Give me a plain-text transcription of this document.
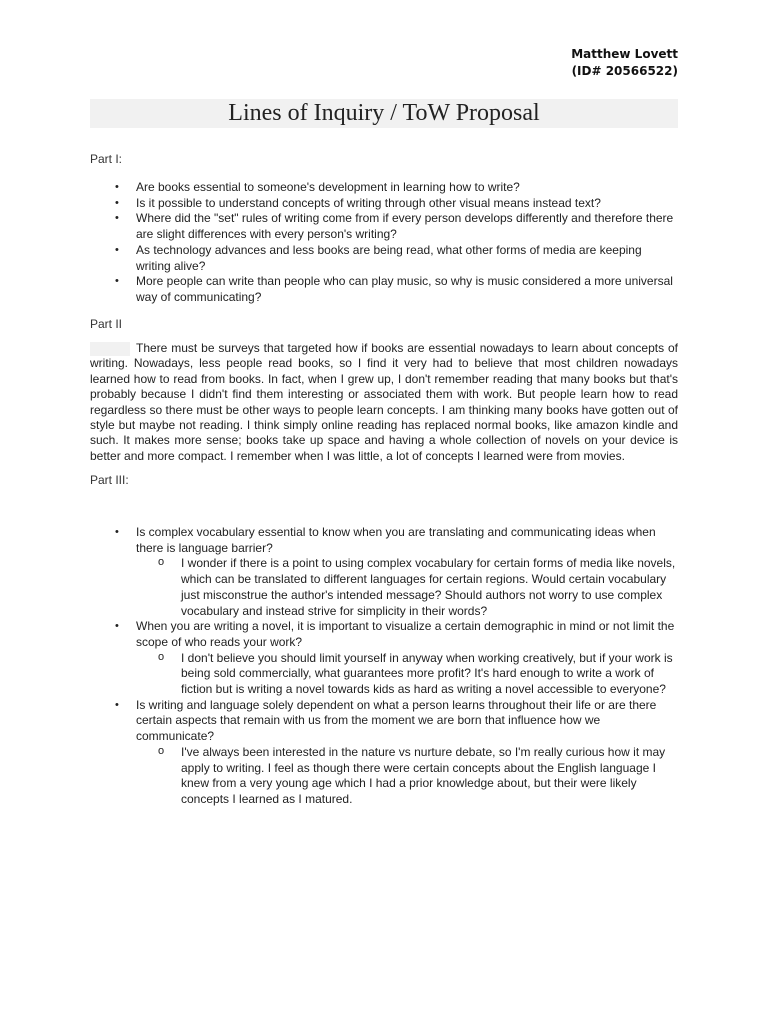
Matthew Lovett
(ID# 20566522)
Lines of Inquiry / ToW Proposal
Part I:
• Are books essential to someone's development in learning how to write?
• Is it possible to understand concepts of writing through other visual means instead text?
• Where did the "set" rules of writing come from if every person develops differently and therefore there are slight differences with every person's writing?
• As technology advances and less books are being read, what other forms of media are keeping writing alive?
• More people can write than people who can play music, so why is music considered a more universal way of communicating?
Part II

There must be surveys that targeted how if books are essential nowadays to learn about concepts of writing. Nowadays, less people read books, so I find it very had to believe that most children nowadays learned how to read from books. In fact, when I grew up, I don't remember reading that many books but that's probably because I didn't find them interesting or associated them with work. But people learn how to read regardless so there must be other ways to people learn concepts. I am thinking many books have gotten out of style but maybe not reading. I think simply online reading has replaced normal books, like amazon kindle and such. It makes more sense; books take up space and having a whole collection of novels on your device is better and more compact. I remember when I was little, a lot of concepts I learned were from movies.

Part III:
• Is complex vocabulary essential to know when you are translating and communicating ideas when there is language barrier?
o I wonder if there is a point to using complex vocabulary for certain forms of media like novels, which can be translated to different languages for certain regions. Would certain vocabulary just misconstrue the author's intended message? Should authors not worry to use complex vocabulary and instead strive for simplicity in their words?
• When you are writing a novel, it is important to visualize a certain demographic in mind or not limit the scope of who reads your work?
o I don't believe you should limit yourself in anyway when working creatively, but if your work is being sold commercially, what guarantees more profit? It's hard enough to write a work of fiction but is writing a novel towards kids as hard as writing a novel accessible to everyone?
• Is writing and language solely dependent on what a person learns throughout their life or are there certain aspects that remain with us from the moment we are born that influence how we communicate?
o I've always been interested in the nature vs nurture debate, so I'm really curious how it may apply to writing. I feel as though there were certain concepts about the English language I knew from a very young age which I had a prior knowledge about, but their were likely concepts I learned as I matured.
